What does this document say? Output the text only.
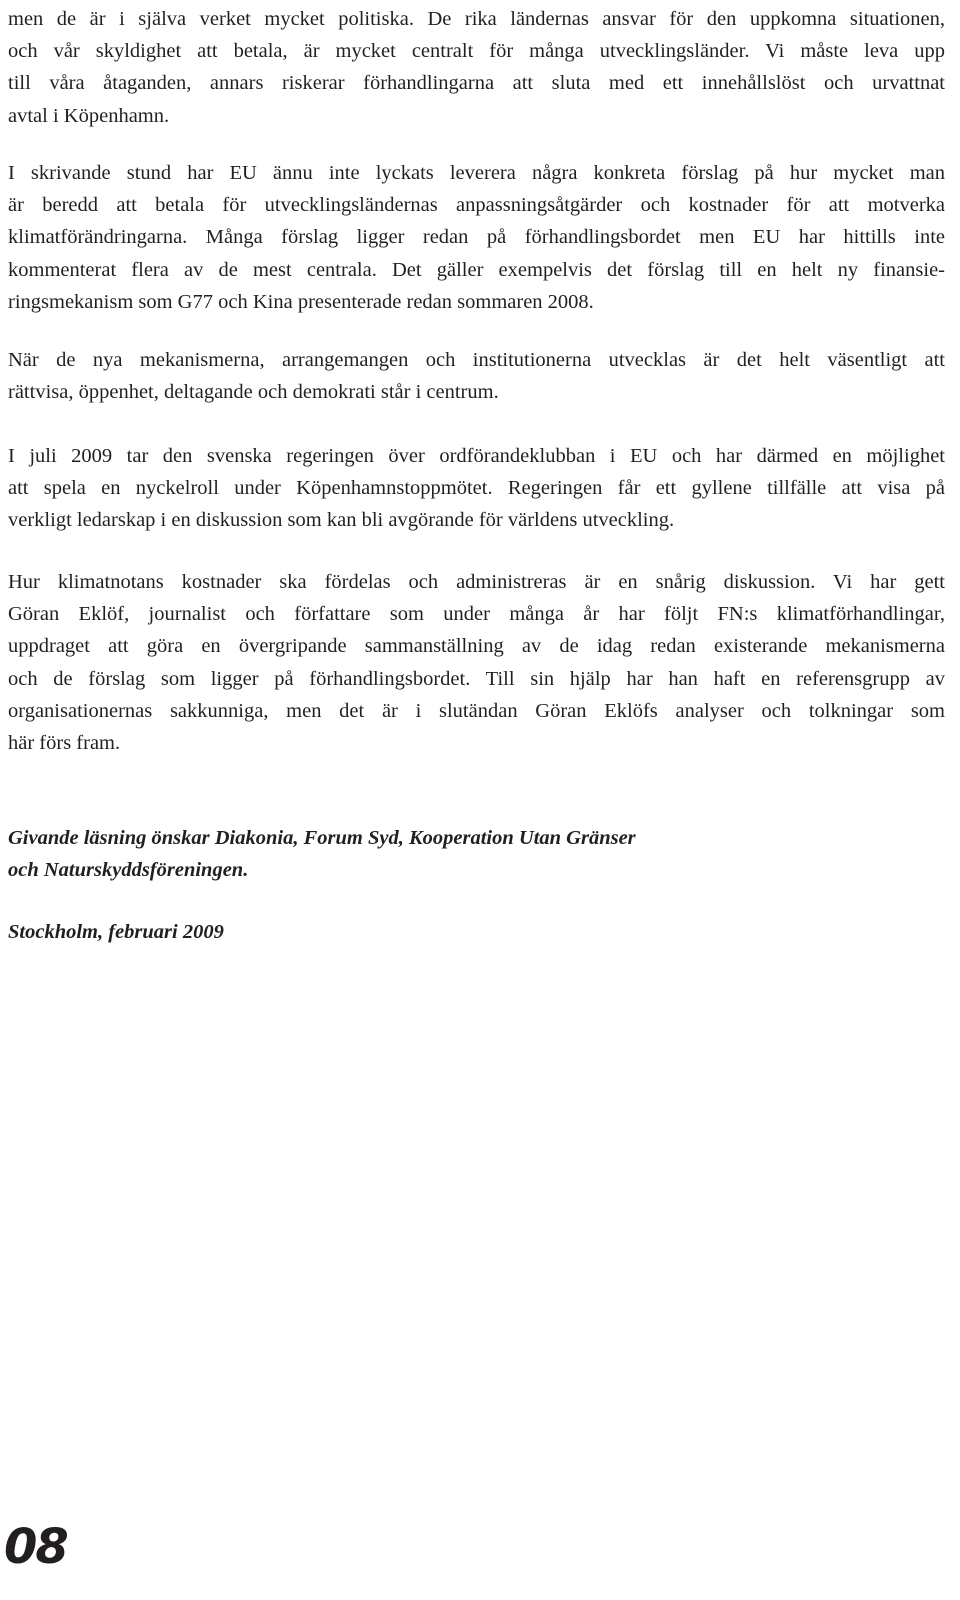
men de är i själva verket mycket politiska. De rika ländernas ansvar för den uppkomna situationen,
och vår skyldighet att betala, är mycket centralt för många utvecklingsländer. Vi måste leva upp
till våra åtaganden, annars riskerar förhandlingarna att sluta med ett innehållslöst och urvattnat
avtal i Köpenhamn.

I skrivande stund har EU ännu inte lyckats leverera några konkreta förslag på hur mycket man
är beredd att betala för utvecklingsländernas anpassningsåtgärder och kostnader för att motverka
klimatförändringarna. Många förslag ligger redan på förhandlingsbordet men EU har hittills inte
kommenterat flera av de mest centrala. Det gäller exempelvis det förslag till en helt ny finansie-
ringsmekanism som G77 och Kina presenterade redan sommaren 2008.

När de nya mekanismerna, arrangemangen och institutionerna utvecklas är det helt väsentligt att
rättvisa, öppenhet, deltagande och demokrati står i centrum.

I juli 2009 tar den svenska regeringen över ordförandeklubban i EU och har därmed en möjlighet
att spela en nyckelroll under Köpenhamnstoppmötet. Regeringen får ett gyllene tillfälle att visa på
verkligt ledarskap i en diskussion som kan bli avgörande för världens utveckling.

Hur klimatnotans kostnader ska fördelas och administreras är en snårig diskussion. Vi har gett
Göran Eklöf, journalist och författare som under många år har följt FN:s klimatförhandlingar,
uppdraget att göra en övergripande sammanställning av de idag redan existerande mekanismerna
och de förslag som ligger på förhandlingsbordet. Till sin hjälp har han haft en referensgrupp av
organisationernas sakkunniga, men det är i slutändan Göran Eklöfs analyser och tolkningar som
här förs fram.

Givande läsning önskar Diakonia, Forum Syd, Kooperation Utan Gränser
och Naturskyddsföreningen.

Stockholm, februari 2009

08
